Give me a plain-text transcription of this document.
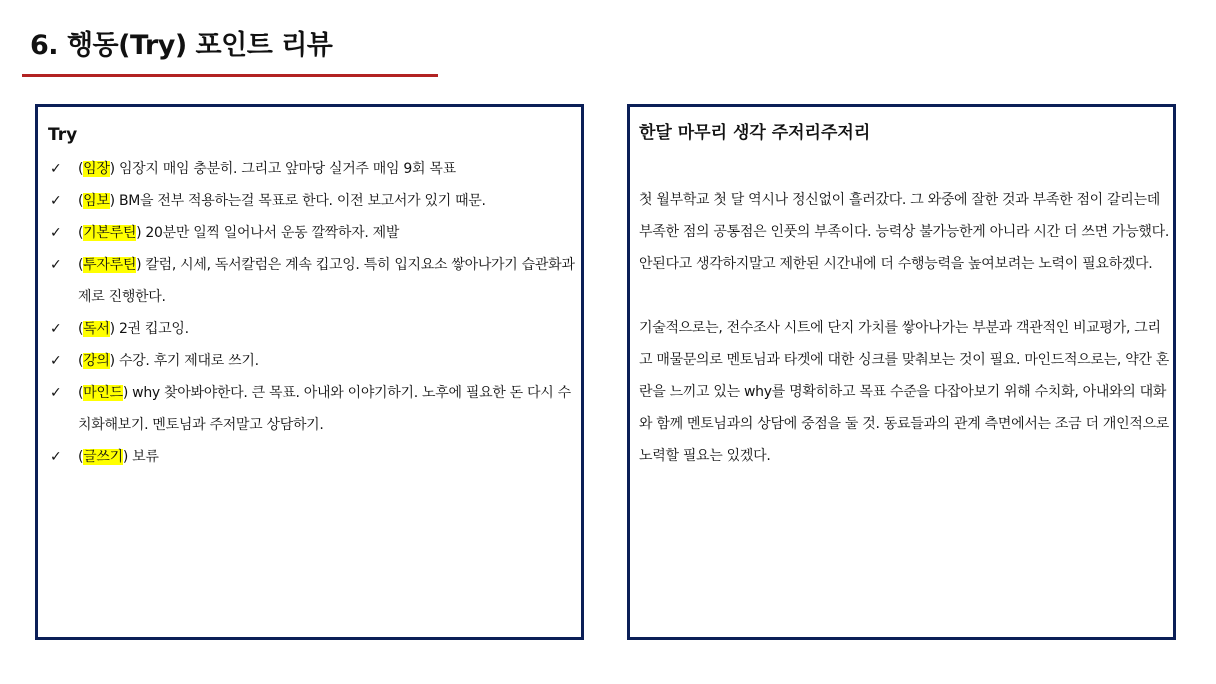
6. 행동(Try) 포인트 리뷰
Try
✓ (임장) 임장지 매임 충분히. 그리고 앞마당 실거주 매임 9회 목표
✓ (임보) BM을 전부 적용하는걸 목표로 한다. 이전 보고서가 있기 때문.
✓ (기본루틴) 20분만 일찍 일어나서 운동 깔짝하자. 제발
✓ (투자루틴) 칼럼, 시세, 독서칼럼은 계속 킵고잉. 특히 입지요소 쌓아나가기 습관화과제로 진행한다.
✓ (독서) 2권 킵고잉.
✓ (강의) 수강. 후기 제대로 쓰기.
✓ (마인드) why 찾아봐야한다. 큰 목표. 아내와 이야기하기. 노후에 필요한 돈 다시 수치화해보기. 멘토님과 주저말고 상담하기.
✓ (글쓰기) 보류
한달 마무리 생각 주저리주저리

첫 월부학교 첫 달 역시나 정신없이 흘러갔다. 그 와중에 잘한 것과 부족한 점이 갈리는데 부족한 점의 공통점은 인풋의 부족이다. 능력상 불가능한게 아니라 시간 더 쓰면 가능했다. 안된다고 생각하지말고 제한된 시간내에 더 수행능력을 높여보려는 노력이 필요하겠다.

기술적으로는, 전수조사 시트에 단지 가치를 쌓아나가는 부분과 객관적인 비교평가, 그리고 매물문의로 멘토님과 타겟에 대한 싱크를 맞춰보는 것이 필요. 마인드적으로는, 약간 혼란을 느끼고 있는 why를 명확히하고 목표 수준을 다잡아보기 위해 수치화, 아내와의 대화와 함께 멘토님과의 상담에 중점을 둘 것. 동료들과의 관계 측면에서는 조금 더 개인적으로 노력할 필요는 있겠다.
